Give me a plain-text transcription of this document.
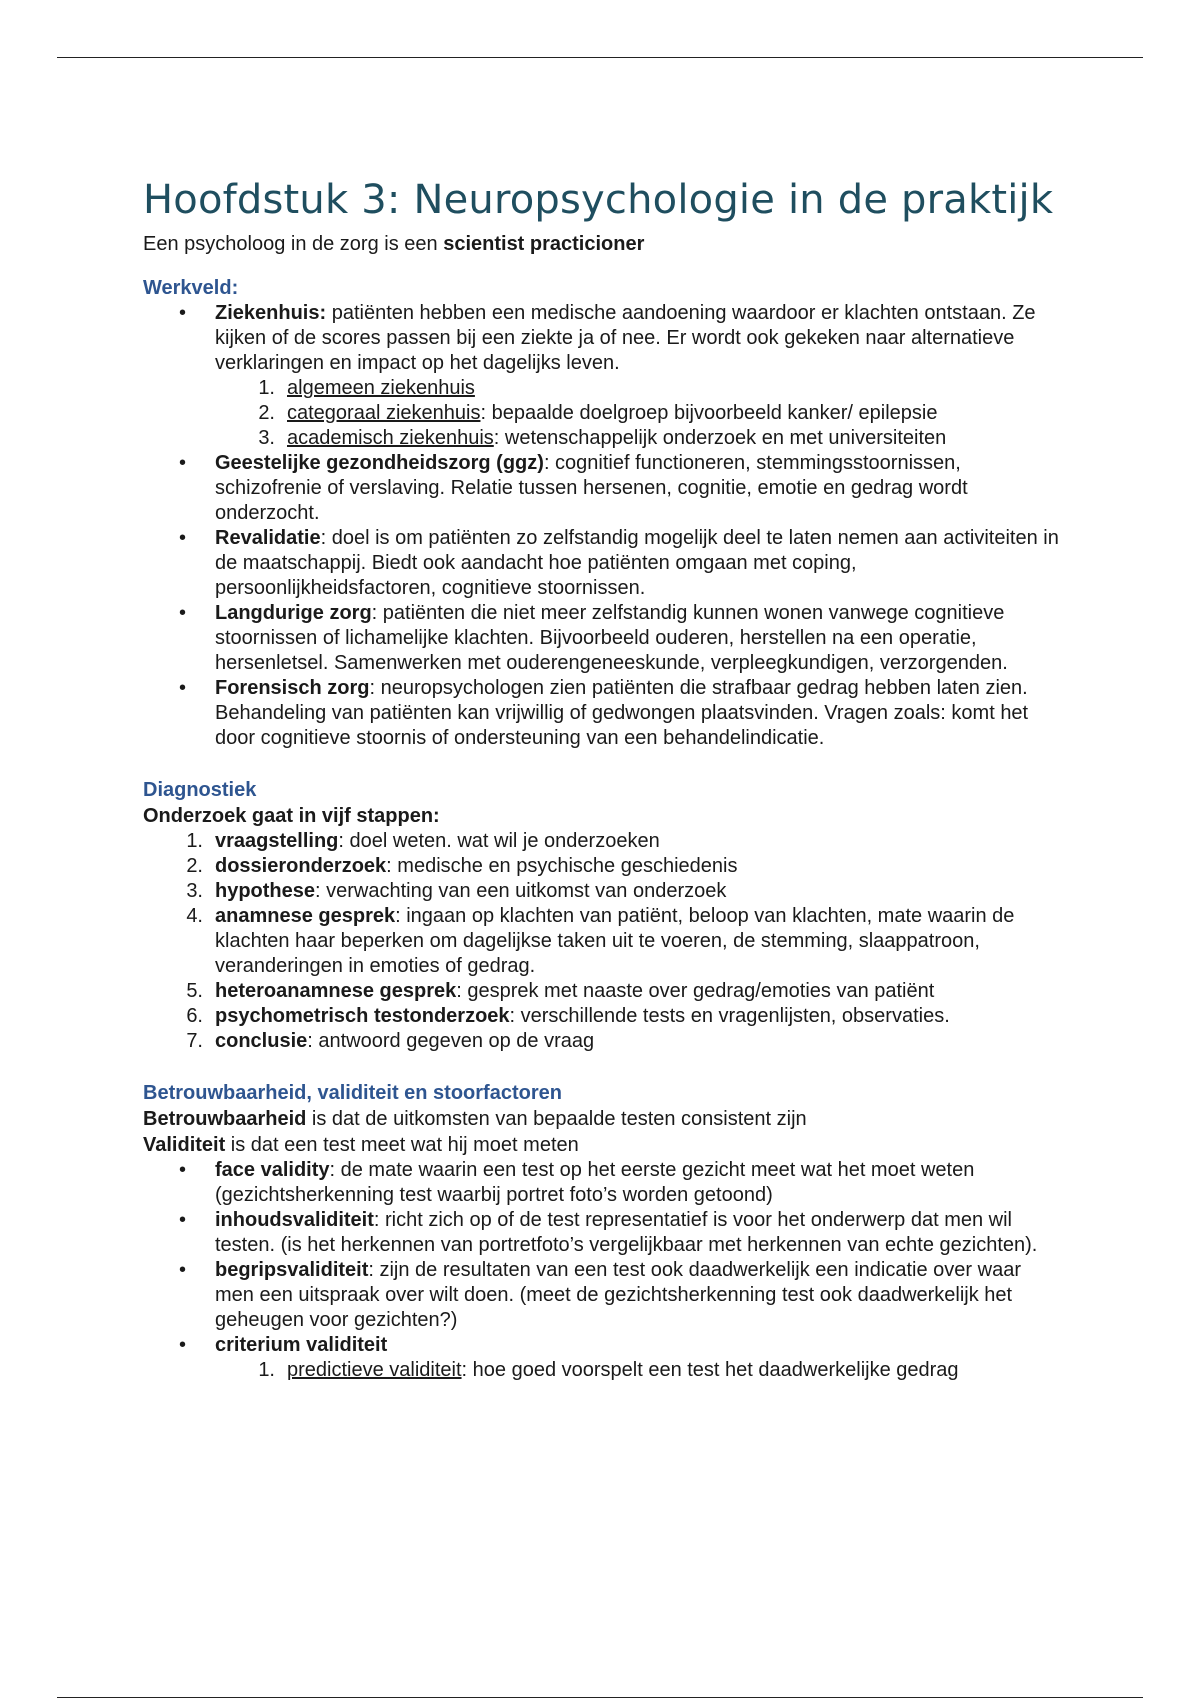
Hoofdstuk 3: Neuropsychologie in de praktijk

Een psycholoog in de zorg is een scientist practicioner

Werkveld:
• Ziekenhuis: patiënten hebben een medische aandoening waardoor er klachten ontstaan. Ze kijken of de scores passen bij een ziekte ja of nee. Er wordt ook gekeken naar alternatieve verklaringen en impact op het dagelijks leven.
1. algemeen ziekenhuis
2. categoraal ziekenhuis: bepaalde doelgroep bijvoorbeeld kanker/ epilepsie
3. academisch ziekenhuis: wetenschappelijk onderzoek en met universiteiten
• Geestelijke gezondheidszorg (ggz): cognitief functioneren, stemmingsstoornissen, schizofrenie of verslaving. Relatie tussen hersenen, cognitie, emotie en gedrag wordt onderzocht.
• Revalidatie: doel is om patiënten zo zelfstandig mogelijk deel te laten nemen aan activiteiten in de maatschappij. Biedt ook aandacht hoe patiënten omgaan met coping, persoonlijkheidsfactoren, cognitieve stoornissen.
• Langdurige zorg: patiënten die niet meer zelfstandig kunnen wonen vanwege cognitieve stoornissen of lichamelijke klachten. Bijvoorbeeld ouderen, herstellen na een operatie, hersenletsel. Samenwerken met ouderengeneeskunde, verpleegkundigen, verzorgenden.
• Forensisch zorg: neuropsychologen zien patiënten die strafbaar gedrag hebben laten zien. Behandeling van patiënten kan vrijwillig of gedwongen plaatsvinden. Vragen zoals: komt het door cognitieve stoornis of ondersteuning van een behandelindicatie.
Diagnostiek

Onderzoek gaat in vijf stappen:

1. vraagstelling: doel weten. wat wil je onderzoeken
2. dossieronderzoek: medische en psychische geschiedenis
3. hypothese: verwachting van een uitkomst van onderzoek
4. anamnese gesprek: ingaan op klachten van patiënt, beloop van klachten, mate waarin de klachten haar beperken om dagelijkse taken uit te voeren, de stemming, slaappatroon, veranderingen in emoties of gedrag.
5. heteroanamnese gesprek: gesprek met naaste over gedrag/emoties van patiënt
6. psychometrisch testonderzoek: verschillende tests en vragenlijsten, observaties.
7. conclusie: antwoord gegeven op de vraag
Betrouwbaarheid, validiteit en stoorfactoren

Betrouwbaarheid is dat de uitkomsten van bepaalde testen consistent zijn

Validiteit is dat een test meet wat hij moet meten

• face validity: de mate waarin een test op het eerste gezicht meet wat het moet weten (gezichtsherkenning test waarbij portret foto’s worden getoond)
• inhoudsvaliditeit: richt zich op of de test representatief is voor het onderwerp dat men wil testen. (is het herkennen van portretfoto’s vergelijkbaar met herkennen van echte gezichten).
• begripsvaliditeit: zijn de resultaten van een test ook daadwerkelijk een indicatie over waar men een uitspraak over wilt doen. (meet de gezichtsherkenning test ook daadwerkelijk het geheugen voor gezichten?)
• criterium validiteit
1. predictieve validiteit: hoe goed voorspelt een test het daadwerkelijke gedrag
